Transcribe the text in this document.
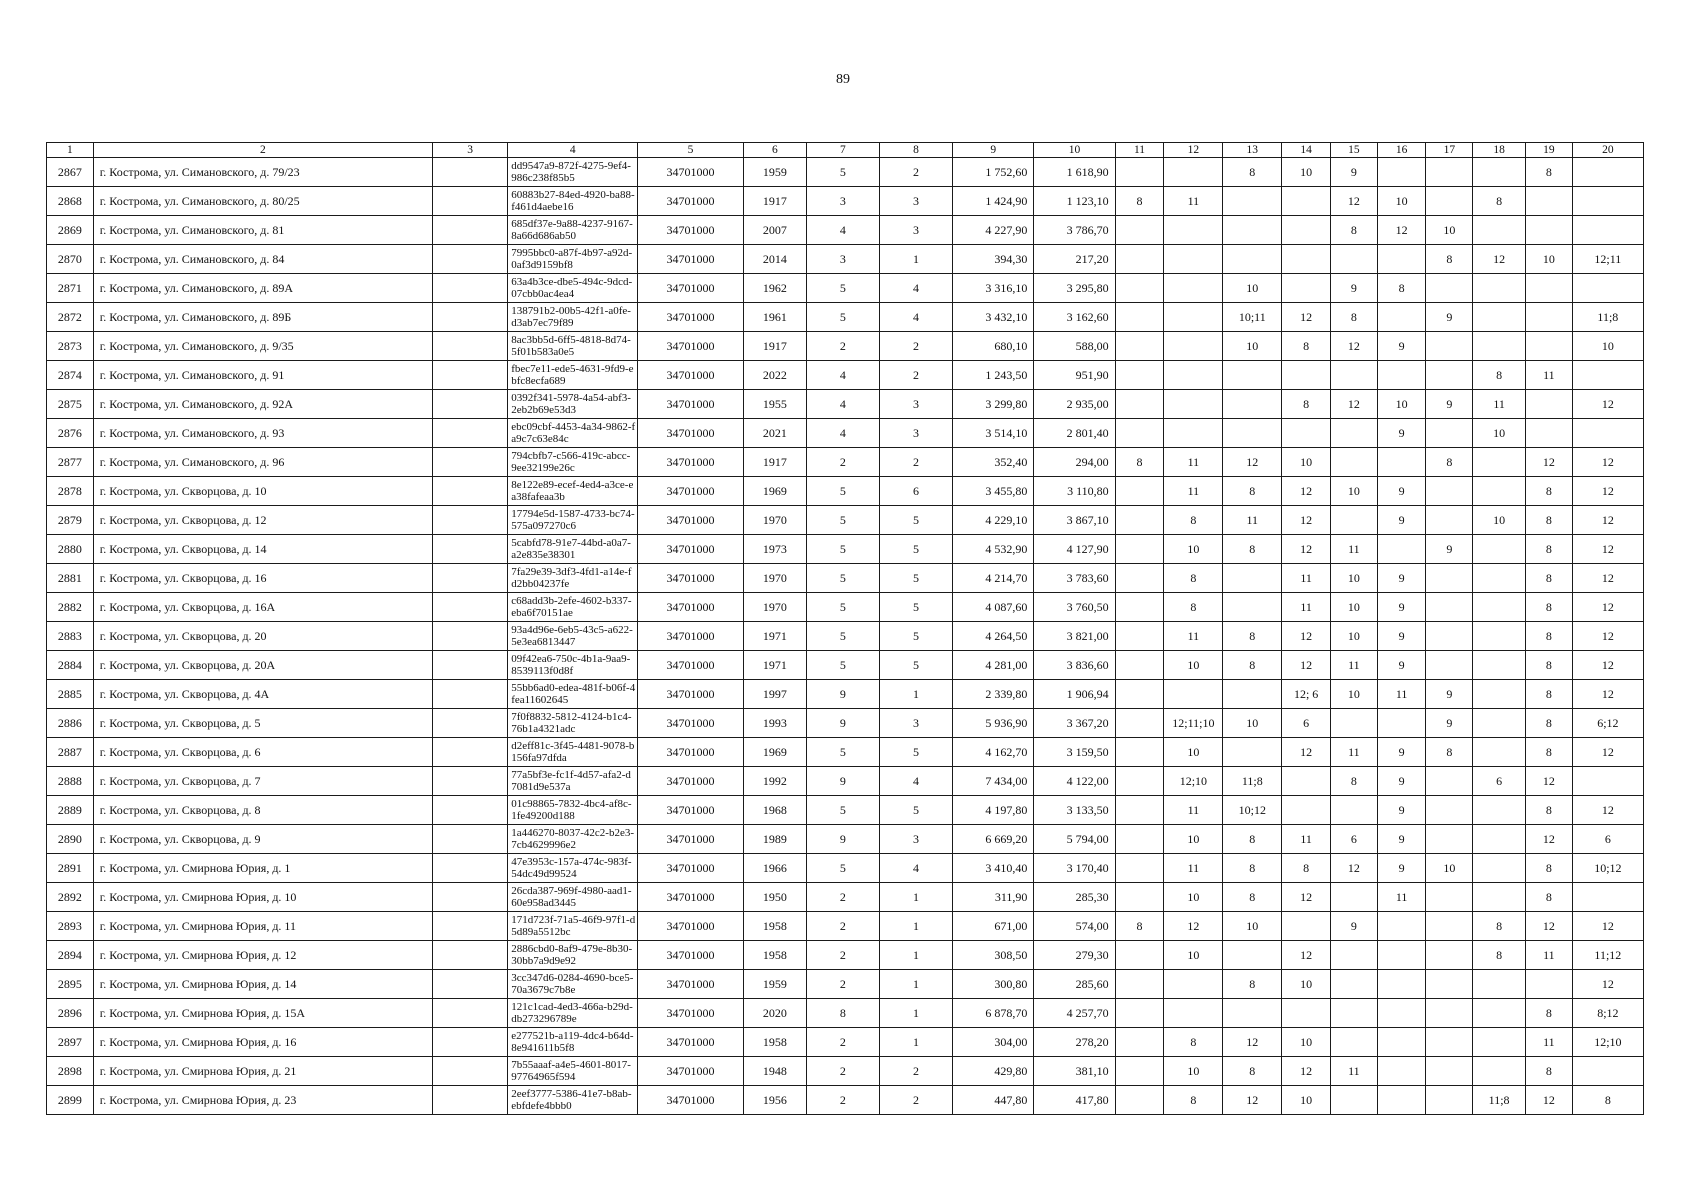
89
1	2	3	4	5	6	7	8	9	10	11	12	13	14	15	16	17	18	19	20
2867	г. Кострома, ул. Симановского, д. 79/23		dd9547a9-872f-4275-9ef4-986c238f85b5	34701000	1959	5	2	1 752,60	1 618,90			8	10	9				8	
2868	г. Кострома, ул. Симановского, д. 80/25		60883b27-84ed-4920-ba88-f461d4aebe16	34701000	1917	3	3	1 424,90	1 123,10	8	11			12	10		8		
2869	г. Кострома, ул. Симановского, д. 81		685df37e-9a88-4237-9167-8a66d686ab50	34701000	2007	4	3	4 227,90	3 786,70					8	12	10			
2870	г. Кострома, ул. Симановского, д. 84		7995bbc0-a87f-4b97-a92d-0af3d9159bf8	34701000	2014	3	1	394,30	217,20							8	12	10	12;11
2871	г. Кострома, ул. Симановского, д. 89А		63a4b3ce-dbe5-494c-9dcd-07cbb0ac4ea4	34701000	1962	5	4	3 316,10	3 295,80			10		9	8				
2872	г. Кострома, ул. Симановского, д. 89Б		138791b2-00b5-42f1-a0fe-d3ab7ec79f89	34701000	1961	5	4	3 432,10	3 162,60			10;11	12	8		9			11;8
2873	г. Кострома, ул. Симановского, д. 9/35		8ac3bb5d-6ff5-4818-8d74-5f01b583a0e5	34701000	1917	2	2	680,10	588,00			10	8	12	9				10
2874	г. Кострома, ул. Симановского, д. 91		fbec7e11-ede5-4631-9fd9-ebfc8ecfa689	34701000	2022	4	2	1 243,50	951,90								8	11	
2875	г. Кострома, ул. Симановского, д. 92А		0392f341-5978-4a54-abf3-2eb2b69e53d3	34701000	1955	4	3	3 299,80	2 935,00				8	12	10	9	11		12
2876	г. Кострома, ул. Симановского, д. 93		ebc09cbf-4453-4a34-9862-fa9c7c63e84c	34701000	2021	4	3	3 514,10	2 801,40						9		10		
2877	г. Кострома, ул. Симановского, д. 96		794cbfb7-c566-419c-abcc-9ee32199e26c	34701000	1917	2	2	352,40	294,00	8	11	12	10			8		12	12
2878	г. Кострома, ул. Скворцова, д. 10		8e122e89-ecef-4ed4-a3ce-ea38fafeaa3b	34701000	1969	5	6	3 455,80	3 110,80		11	8	12	10	9			8	12
2879	г. Кострома, ул. Скворцова, д. 12		17794e5d-1587-4733-bc74-575a097270c6	34701000	1970	5	5	4 229,10	3 867,10		8	11	12		9		10	8	12
2880	г. Кострома, ул. Скворцова, д. 14		5cabfd78-91e7-44bd-a0a7-a2e835e38301	34701000	1973	5	5	4 532,90	4 127,90		10	8	12	11		9		8	12
2881	г. Кострома, ул. Скворцова, д. 16		7fa29e39-3df3-4fd1-a14e-fd2bb04237fe	34701000	1970	5	5	4 214,70	3 783,60		8		11	10	9			8	12
2882	г. Кострома, ул. Скворцова, д. 16А		c68add3b-2efe-4602-b337-eba6f70151ae	34701000	1970	5	5	4 087,60	3 760,50		8		11	10	9			8	12
2883	г. Кострома, ул. Скворцова, д. 20		93a4d96e-6eb5-43c5-a622-5e3ea6813447	34701000	1971	5	5	4 264,50	3 821,00		11	8	12	10	9			8	12
2884	г. Кострома, ул. Скворцова, д. 20А		09f42ea6-750c-4b1a-9aa9-8539113f0d8f	34701000	1971	5	5	4 281,00	3 836,60		10	8	12	11	9			8	12
2885	г. Кострома, ул. Скворцова, д. 4А		55bb6ad0-edea-481f-b06f-4fea11602645	34701000	1997	9	1	2 339,80	1 906,94				12; 6	10	11	9		8	12
2886	г. Кострома, ул. Скворцова, д. 5		7f0f8832-5812-4124-b1c4-76b1a4321adc	34701000	1993	9	3	5 936,90	3 367,20		12;11;10	10	6			9		8	6;12
2887	г. Кострома, ул. Скворцова, д. 6		d2eff81c-3f45-4481-9078-b156fa97dfda	34701000	1969	5	5	4 162,70	3 159,50		10		12	11	9	8		8	12
2888	г. Кострома, ул. Скворцова, д. 7		77a5bf3e-fc1f-4d57-afa2-d7081d9e537a	34701000	1992	9	4	7 434,00	4 122,00		12;10	11;8		8	9		6	12	
2889	г. Кострома, ул. Скворцова, д. 8		01c98865-7832-4bc4-af8c-1fe49200d188	34701000	1968	5	5	4 197,80	3 133,50		11	10;12			9			8	12
2890	г. Кострома, ул. Скворцова, д. 9		1a446270-8037-42c2-b2e3-7cb4629996e2	34701000	1989	9	3	6 669,20	5 794,00		10	8	11	6	9			12	6
2891	г. Кострома, ул. Смирнова Юрия, д. 1		47e3953c-157a-474c-983f-54dc49d99524	34701000	1966	5	4	3 410,40	3 170,40		11	8	8	12	9	10		8	10;12
2892	г. Кострома, ул. Смирнова Юрия, д. 10		26cda387-969f-4980-aad1-60e958ad3445	34701000	1950	2	1	311,90	285,30		10	8	12		11			8	
2893	г. Кострома, ул. Смирнова Юрия, д. 11		171d723f-71a5-46f9-97f1-d5d89a5512bc	34701000	1958	2	1	671,00	574,00	8	12	10		9			8	12	12
2894	г. Кострома, ул. Смирнова Юрия, д. 12		2886cbd0-8af9-479e-8b30-30bb7a9d9e92	34701000	1958	2	1	308,50	279,30		10		12				8	11	11;12
2895	г. Кострома, ул. Смирнова Юрия, д. 14		3cc347d6-0284-4690-bce5-70a3679c7b8e	34701000	1959	2	1	300,80	285,60			8	10						12
2896	г. Кострома, ул. Смирнова Юрия, д. 15А		121c1cad-4ed3-466a-b29d-db273296789e	34701000	2020	8	1	6 878,70	4 257,70									8	8;12
2897	г. Кострома, ул. Смирнова Юрия, д. 16		e277521b-a119-4dc4-b64d-8e941611b5f8	34701000	1958	2	1	304,00	278,20		8	12	10					11	12;10
2898	г. Кострома, ул. Смирнова Юрия, д. 21		7b55aaaf-a4e5-4601-8017-97764965f594	34701000	1948	2	2	429,80	381,10		10	8	12	11				8	
2899	г. Кострома, ул. Смирнова Юрия, д. 23		2eef3777-5386-41e7-b8ab-ebfdefe4bbb0	34701000	1956	2	2	447,80	417,80		8	12	10				11;8	12	8
